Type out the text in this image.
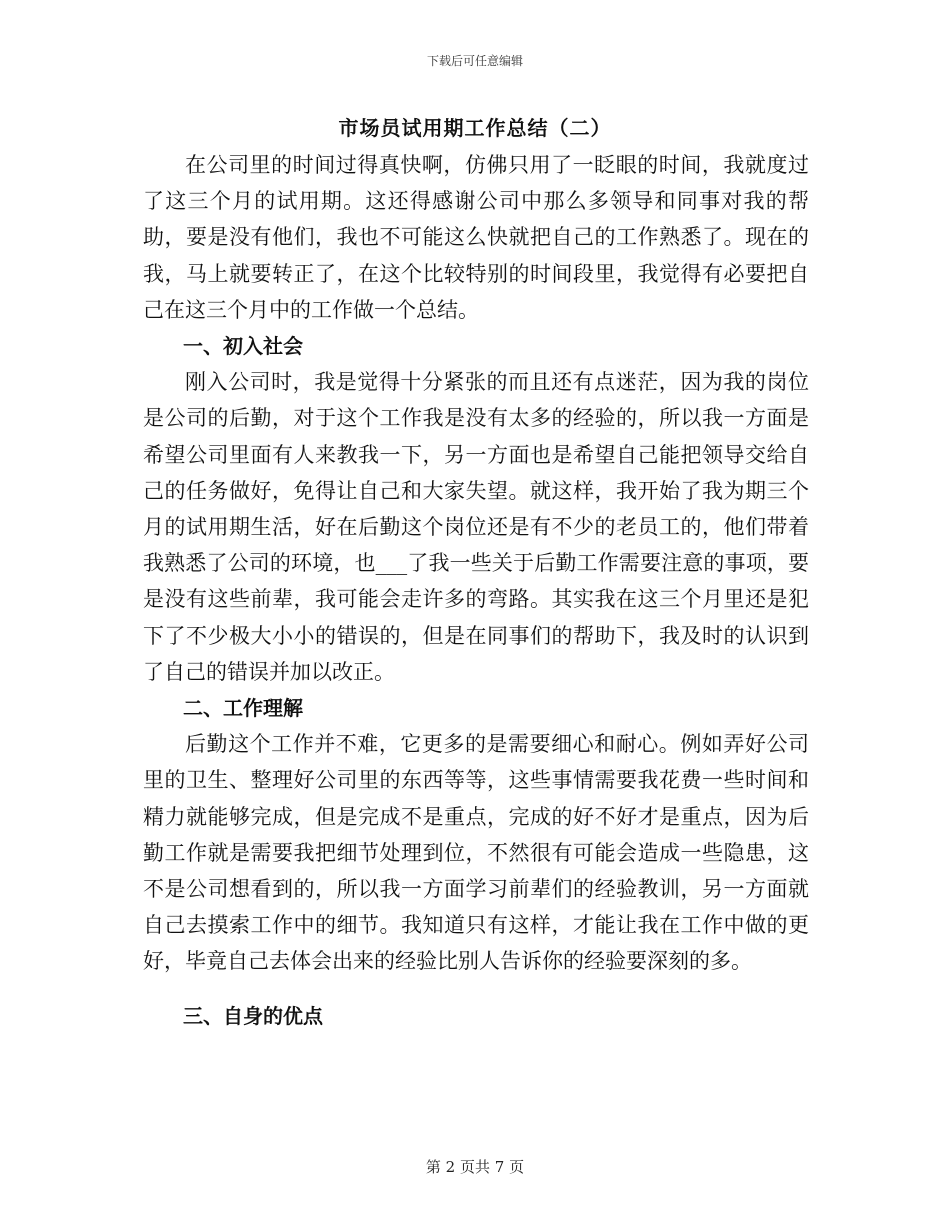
下载后可任意编辑

市场员试用期工作总结（二）

在公司里的时间过得真快啊，仿佛只用了一眨眼的时间，我就度过了这三个月的试用期。这还得感谢公司中那么多领导和同事对我的帮助，要是没有他们，我也不可能这么快就把自己的工作熟悉了。现在的我，马上就要转正了，在这个比较特别的时间段里，我觉得有必要把自己在这三个月中的工作做一个总结。

一、初入社会

刚入公司时，我是觉得十分紧张的而且还有点迷茫，因为我的岗位是公司的后勤，对于这个工作我是没有太多的经验的，所以我一方面是希望公司里面有人来教我一下，另一方面也是希望自己能把领导交给自己的任务做好，免得让自己和大家失望。就这样，我开始了我为期三个月的试用期生活，好在后勤这个岗位还是有不少的老员工的，他们带着我熟悉了公司的环境，也___了我一些关于后勤工作需要注意的事项，要是没有这些前辈，我可能会走许多的弯路。其实我在这三个月里还是犯下了不少极大小小的错误的，但是在同事们的帮助下，我及时的认识到了自己的错误并加以改正。

二、工作理解

后勤这个工作并不难，它更多的是需要细心和耐心。例如弄好公司里的卫生、整理好公司里的东西等等，这些事情需要我花费一些时间和精力就能够完成，但是完成不是重点，完成的好不好才是重点，因为后勤工作就是需要我把细节处理到位，不然很有可能会造成一些隐患，这不是公司想看到的，所以我一方面学习前辈们的经验教训，另一方面就自己去摸索工作中的细节。我知道只有这样，才能让我在工作中做的更好，毕竟自己去体会出来的经验比别人告诉你的经验要深刻的多。

三、自身的优点

第 2 页共 7 页
